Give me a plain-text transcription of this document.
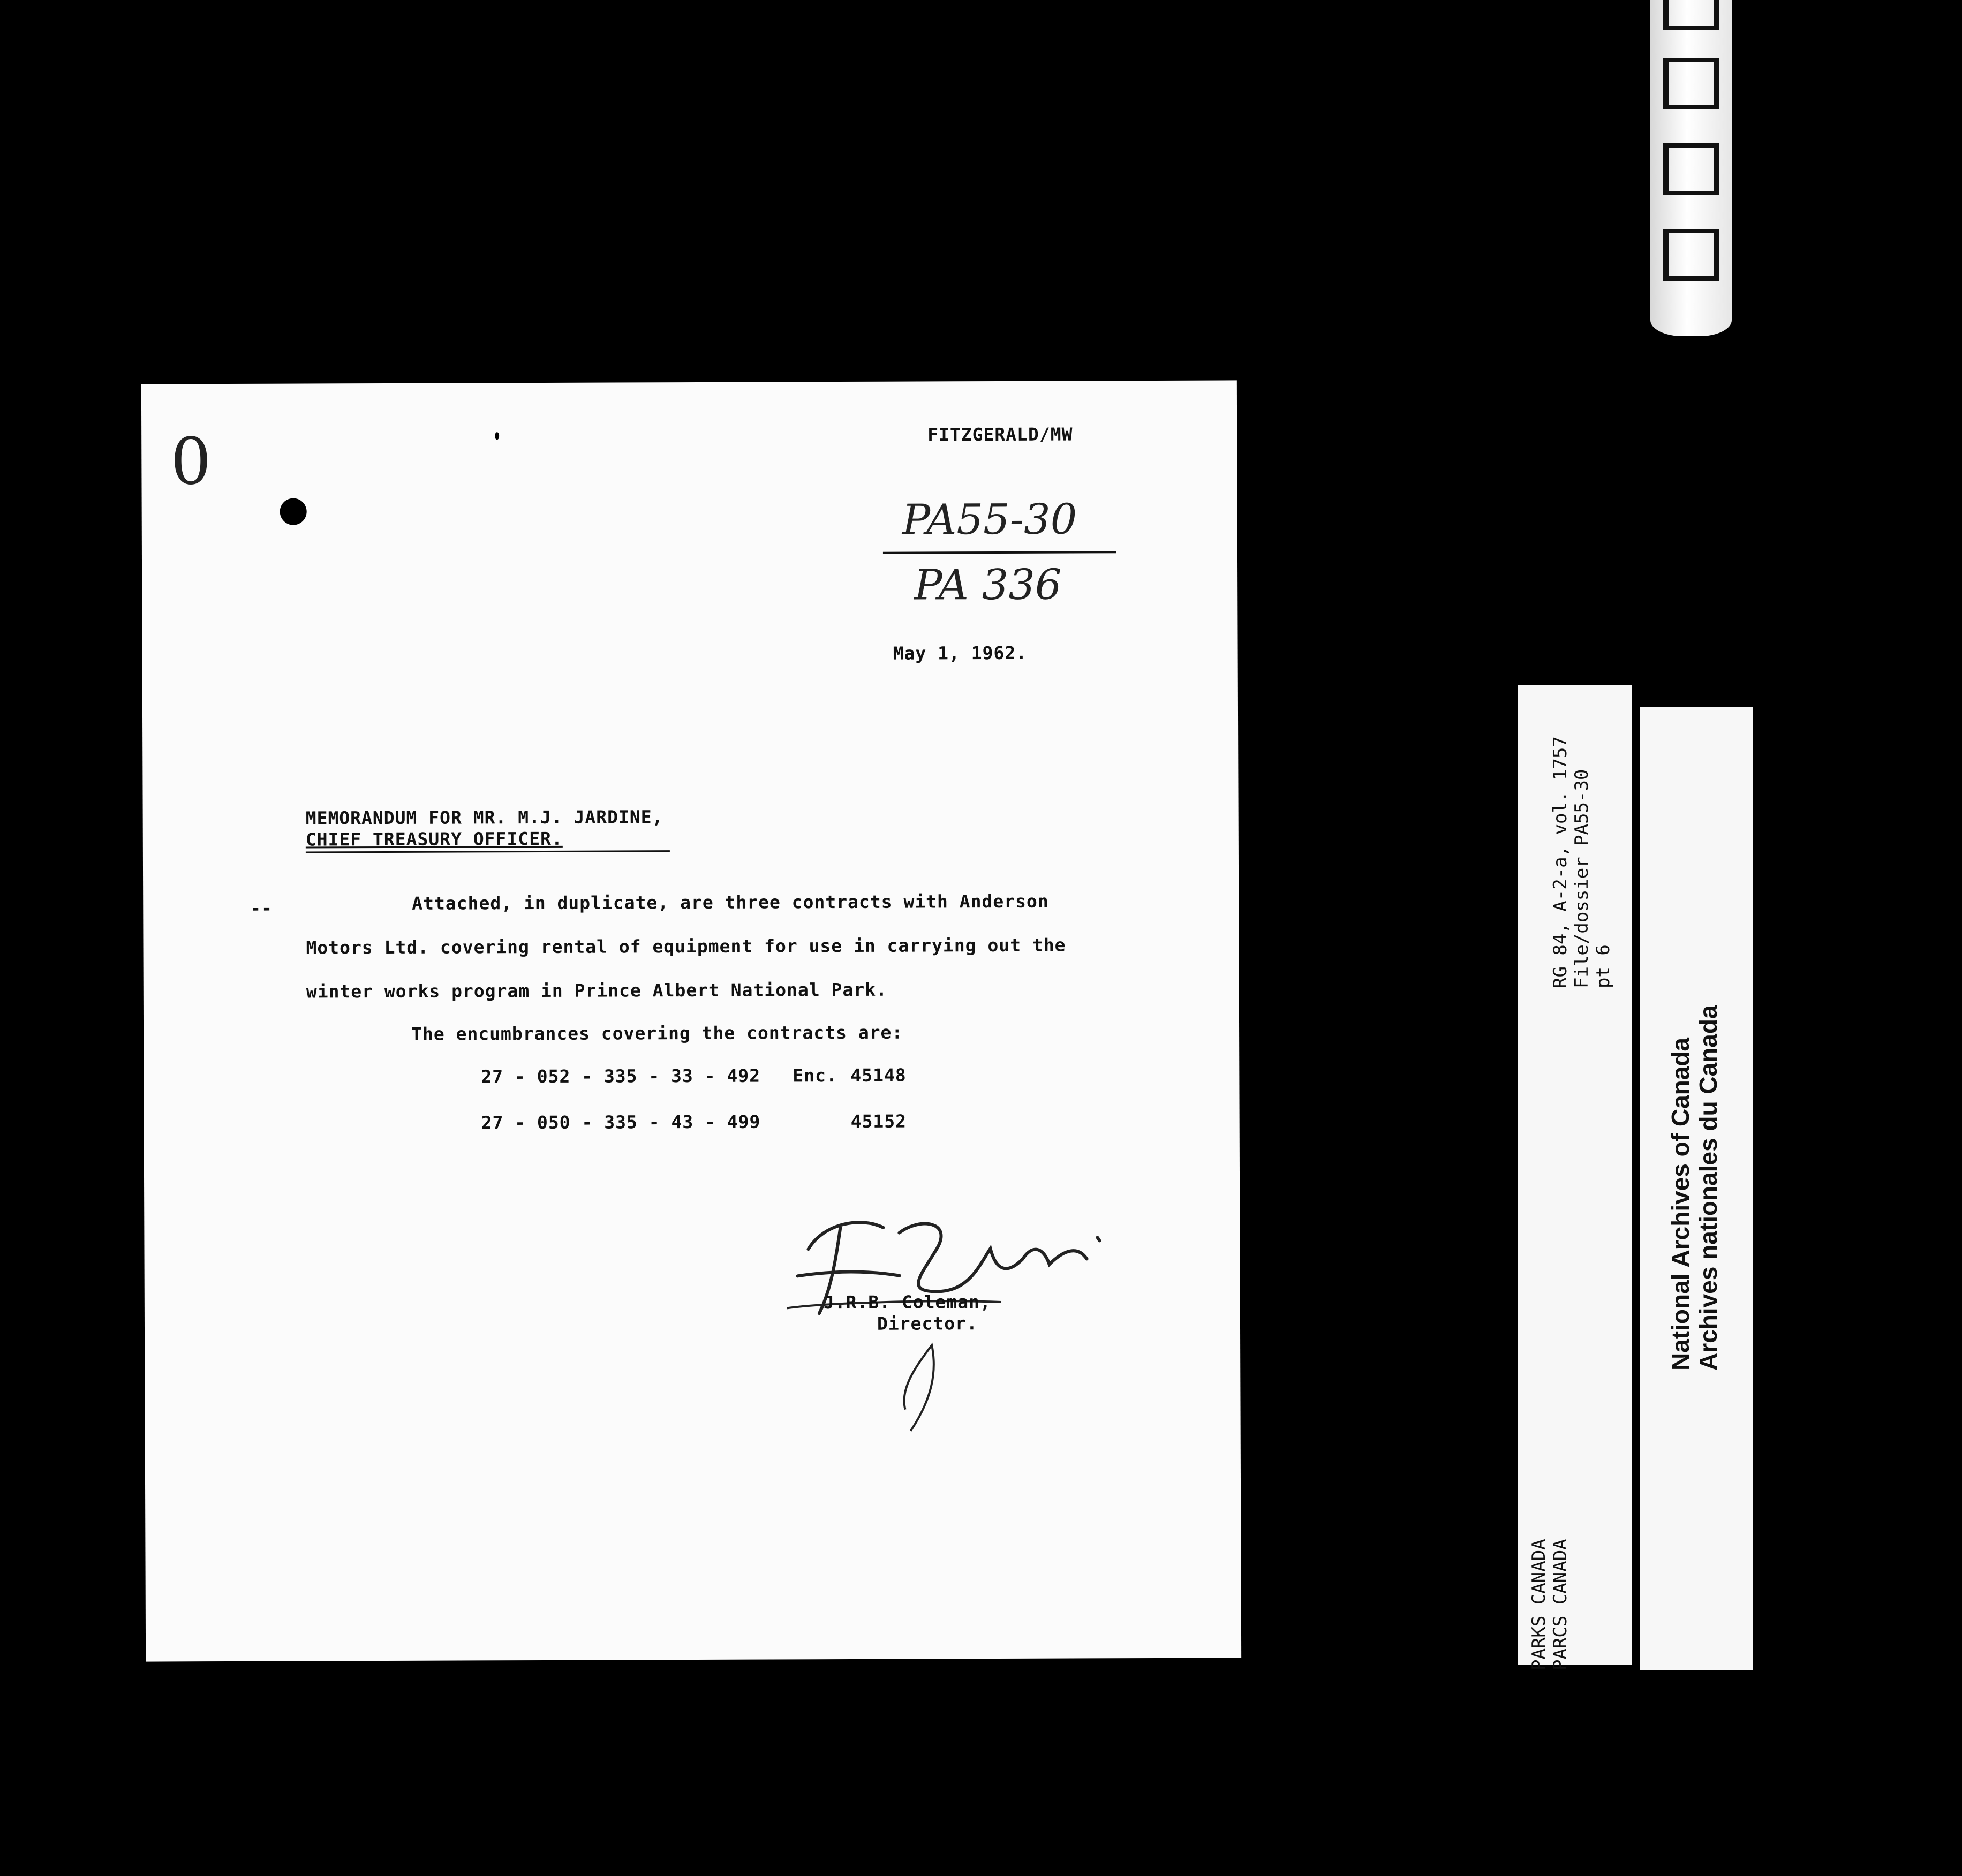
0	FITZGERALD/MW
PA55-30
PA 336
May 1, 1962.
MEMORANDUM FOR MR. M.J. JARDINE,
CHIEF TREASURY OFFICER.
--	Attached, in duplicate, are three contracts with Anderson
Motors Ltd. covering rental of equipment for use in carrying out the
winter works program in Prince Albert National Park.
The encumbrances covering the contracts are:
27 - 052 - 335 - 33 - 492 Enc. 45148
27 - 050 - 335 - 43 - 499	45152
J.R.B. Coleman,
Director.
RG 84, A-2-a, vol. 1757
File/dossier PA55-30
pt 6
PARKS CANADA
PARCS CANADA
National Archives of Canada
Archives nationales du Canada
